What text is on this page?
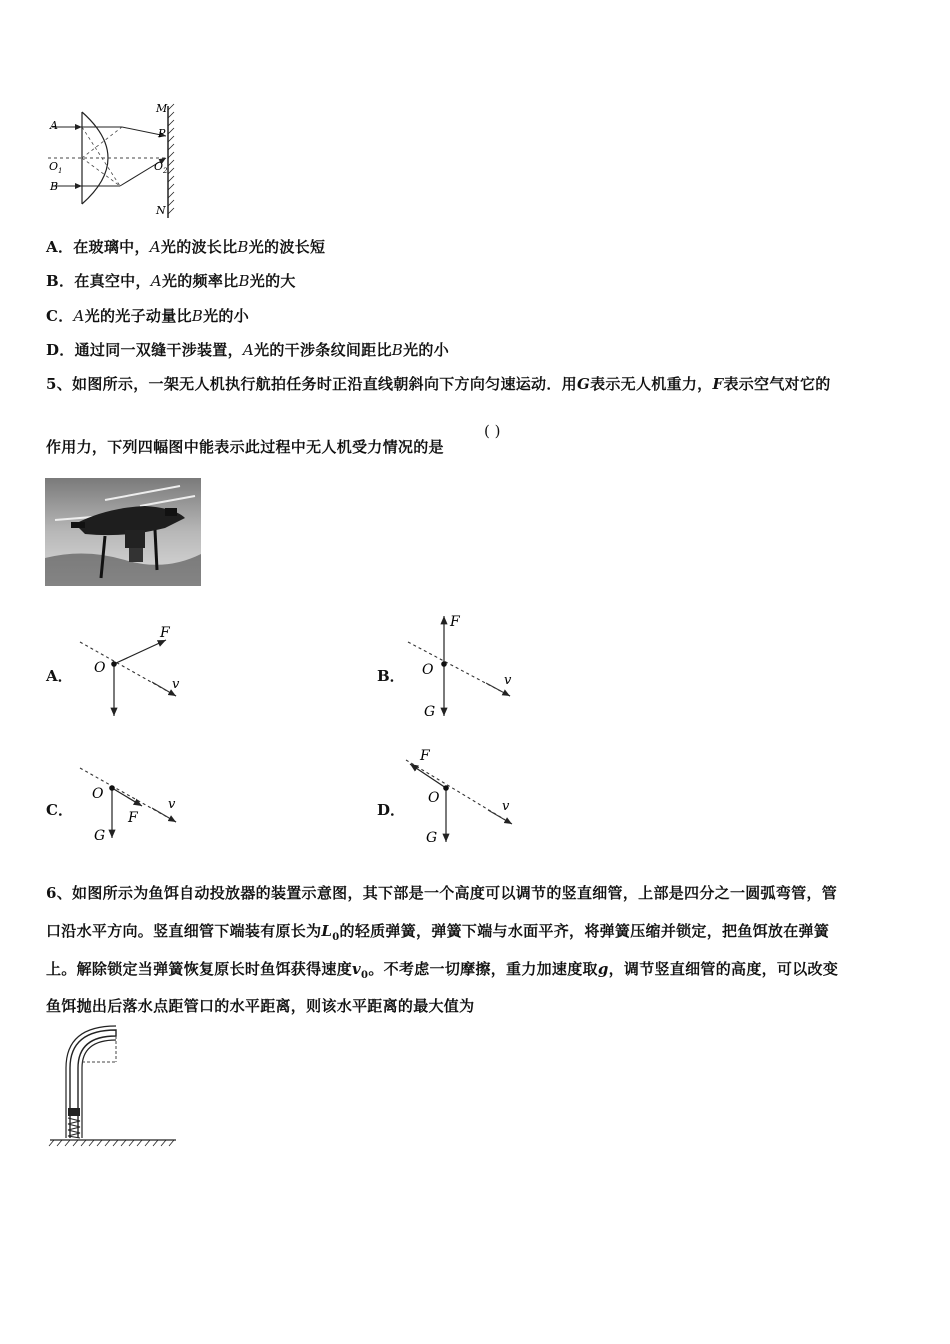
A
B
O 1
M
P
O 2
N
A．在玻璃中，A光的波长比B光的波长短
B．在真空中，A光的频率比B光的大
C．A光的光子动量比B光的小
D．通过同一双缝干涉装置，A光的干涉条纹间距比B光的小
5、如图所示，一架无人机执行航拍任务时正沿直线朝斜向下方向匀速运动．用G表示无人机重力，F表示空气对它的
作用力，下列四幅图中能表示此过程中无人机受力情况的是
( )
O
F
v
A．	O
F
v
G
B．
O
F
v
G
C．
O
F
v
G
D．
6、如图所示为鱼饵自动投放器的装置示意图，其下部是一个高度可以调节的竖直细管，上部是四分之一圆弧弯管，管
口沿水平方向。竖直细管下端装有原长为$L_0$的轻质弹簧，弹簧下端与水面平齐，将弹簧压缩并锁定，把鱼饵放在弹簧
上。解除锁定当弹簧恢复原长时鱼饵获得速度$v_0$。不考虑一切摩擦，重力加速度取g，调节竖直细管的高度，可以改变
鱼饵抛出后落水点距管口的水平距离，则该水平距离的最大值为
